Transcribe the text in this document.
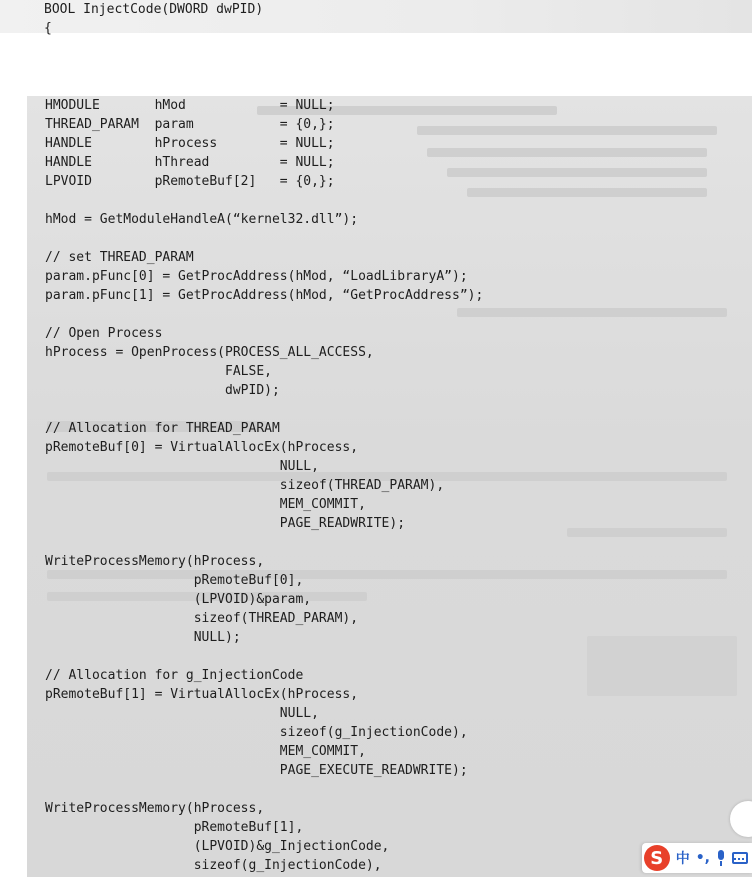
BOOL InjectCode(DWORD dwPID)
{
HMODULE       hMod            = NULL;
THREAD_PARAM  param           = {0,};
HANDLE        hProcess        = NULL;
HANDLE        hThread         = NULL;
LPVOID        pRemoteBuf[2]   = {0,};

hMod = GetModuleHandleA(“kernel32.dll”);

// set THREAD_PARAM
param.pFunc[0] = GetProcAddress(hMod, “LoadLibraryA”);
param.pFunc[1] = GetProcAddress(hMod, “GetProcAddress”);

// Open Process
hProcess = OpenProcess(PROCESS_ALL_ACCESS,
FALSE,
dwPID);

// Allocation for THREAD_PARAM
pRemoteBuf[0] = VirtualAllocEx(hProcess,
NULL,
sizeof(THREAD_PARAM),
MEM_COMMIT,
PAGE_READWRITE);

WriteProcessMemory(hProcess,
pRemoteBuf[0],
(LPVOID)&param,
sizeof(THREAD_PARAM),
NULL);

// Allocation for g_InjectionCode
pRemoteBuf[1] = VirtualAllocEx(hProcess,
NULL,
sizeof(g_InjectionCode),
MEM_COMMIT,
PAGE_EXECUTE_READWRITE);

WriteProcessMemory(hProcess,
pRemoteBuf[1],
(LPVOID)&g_InjectionCode,
sizeof(g_InjectionCode),	S 中 •,
